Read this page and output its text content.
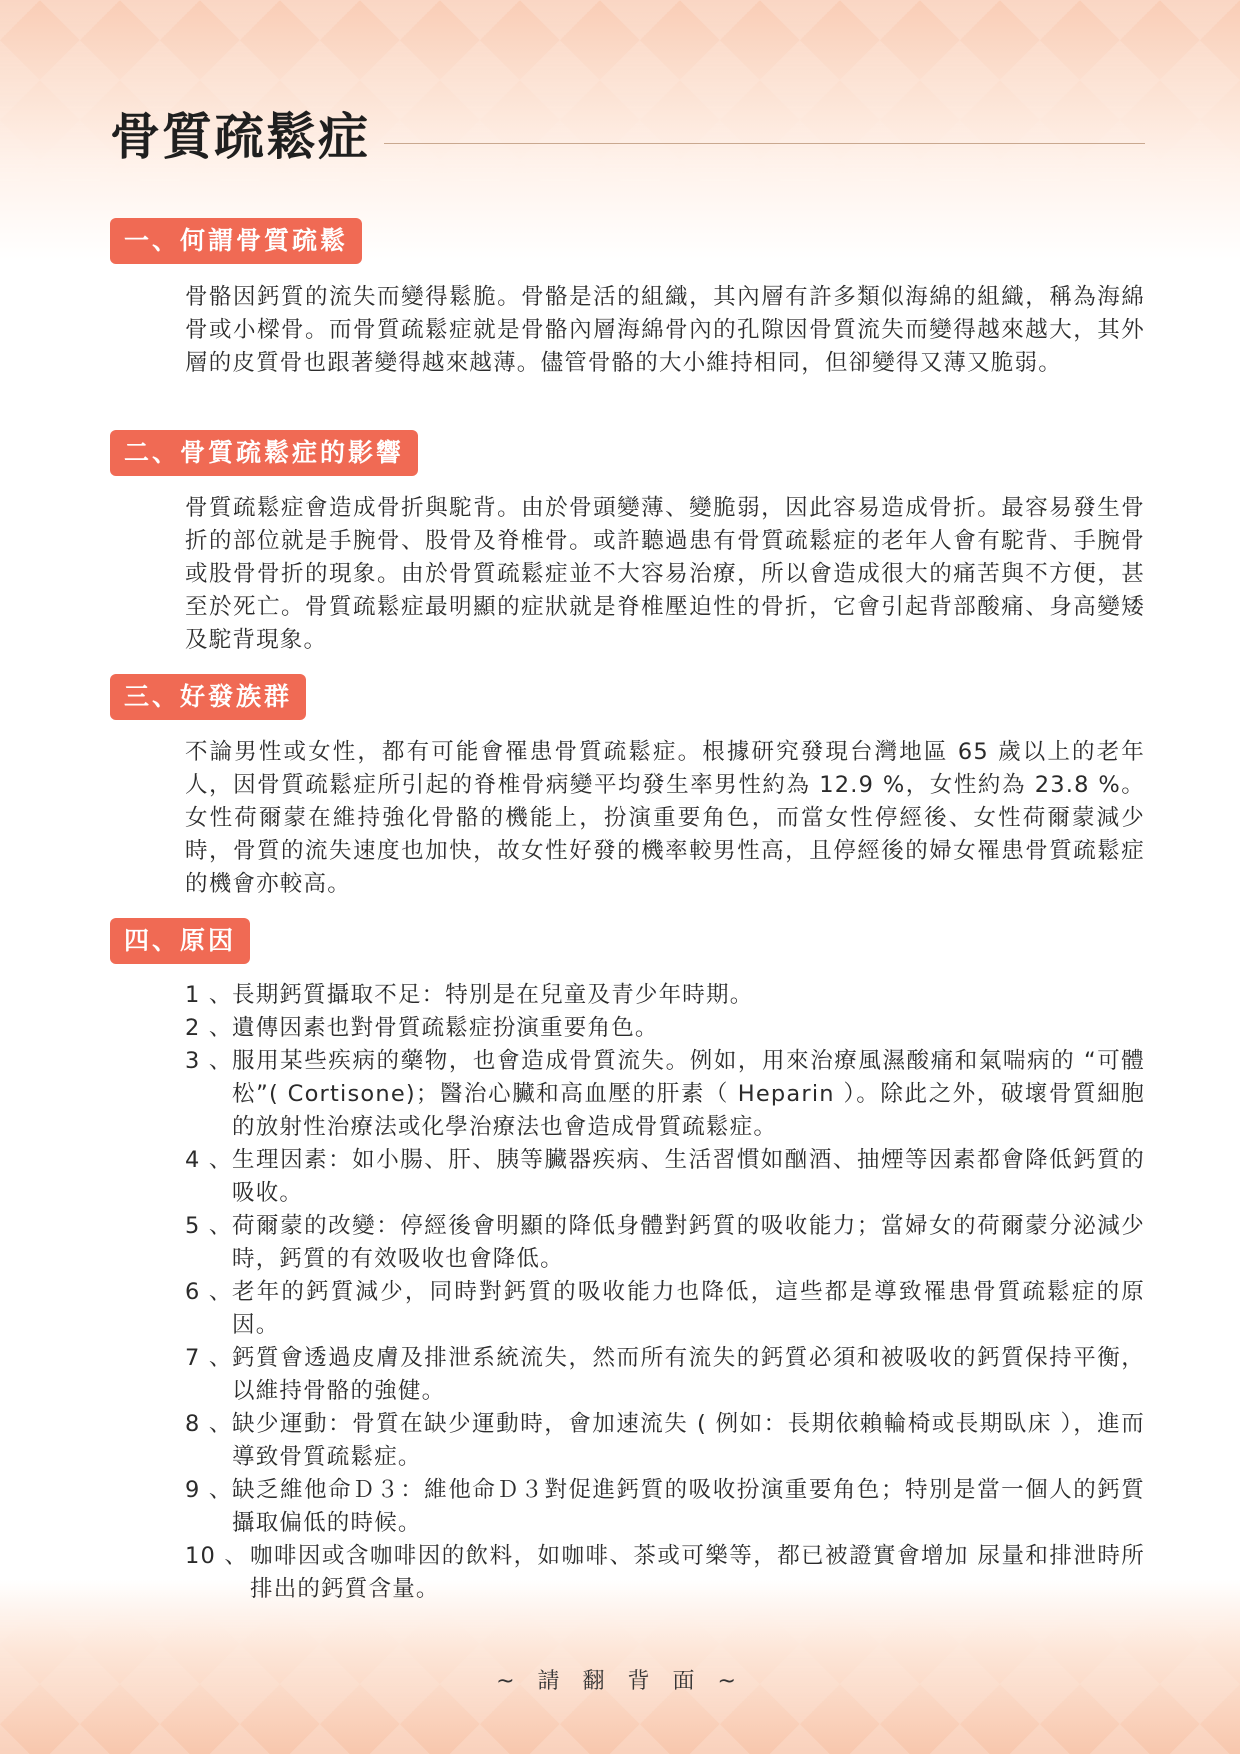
骨質疏鬆症
一、何謂骨質疏鬆

骨骼因鈣質的流失而變得鬆脆。骨骼是活的組織，其內層有許多類似海綿的組織，稱為海綿骨或小樑骨。而骨質疏鬆症就是骨骼內層海綿骨內的孔隙因骨質流失而變得越來越大，其外層的皮質骨也跟著變得越來越薄。儘管骨骼的大小維持相同，但卻變得又薄又脆弱。

二、骨質疏鬆症的影響

骨質疏鬆症會造成骨折與駝背。由於骨頭變薄、變脆弱，因此容易造成骨折。最容易發生骨折的部位就是手腕骨、股骨及脊椎骨。或許聽過患有骨質疏鬆症的老年人會有駝背、手腕骨或股骨骨折的現象。由於骨質疏鬆症並不大容易治療，所以會造成很大的痛苦與不方便，甚至於死亡。骨質疏鬆症最明顯的症狀就是脊椎壓迫性的骨折，它會引起背部酸痛、身高變矮及駝背現象。

三、好發族群

不論男性或女性，都有可能會罹患骨質疏鬆症。根據研究發現台灣地區 65 歲以上的老年人，因骨質疏鬆症所引起的脊椎骨病變平均發生率男性約為 12.9 %，女性約為 23.8 %。女性荷爾蒙在維持強化骨骼的機能上，扮演重要角色，而當女性停經後、女性荷爾蒙減少時，骨質的流失速度也加快，故女性好發的機率較男性高，且停經後的婦女罹患骨質疏鬆症的機會亦較高。

四、原因
1 、 長期鈣質攝取不足：特別是在兒童及青少年時期。
2 、 遺傳因素也對骨質疏鬆症扮演重要角色。
3 、 服用某些疾病的藥物，也會造成骨質流失。例如，用來治療風濕酸痛和氣喘病的 “可體松”( Cortisone)；醫治心臟和高血壓的肝素（ Heparin ）。除此之外，破壞骨質細胞的放射性治療法或化學治療法也會造成骨質疏鬆症。
4 、 生理因素：如小腸、肝、胰等臟器疾病、生活習慣如酗酒、抽煙等因素都會降低鈣質的吸收。
5 、 荷爾蒙的改變：停經後會明顯的降低身體對鈣質的吸收能力；當婦女的荷爾蒙分泌減少時，鈣質的有效吸收也會降低。
6 、 老年的鈣質減少，同時對鈣質的吸收能力也降低，這些都是導致罹患骨質疏鬆症的原因。
7 、 鈣質會透過皮膚及排泄系統流失，然而所有流失的鈣質必須和被吸收的鈣質保持平衡，以維持骨骼的強健。
8 、 缺少運動：骨質在缺少運動時，會加速流失 ( 例如：長期依賴輪椅或長期臥床 ），進而導致骨質疏鬆症。
9 、 缺乏維他命Ｄ３：維他命Ｄ３對促進鈣質的吸收扮演重要角色；特別是當一個人的鈣質攝取偏低的時候。
10 、 咖啡因或含咖啡因的飲料，如咖啡、茶或可樂等，都已被證實會增加 尿量和排泄時所排出的鈣質含量。
~ 請 翻 背 面 ~
